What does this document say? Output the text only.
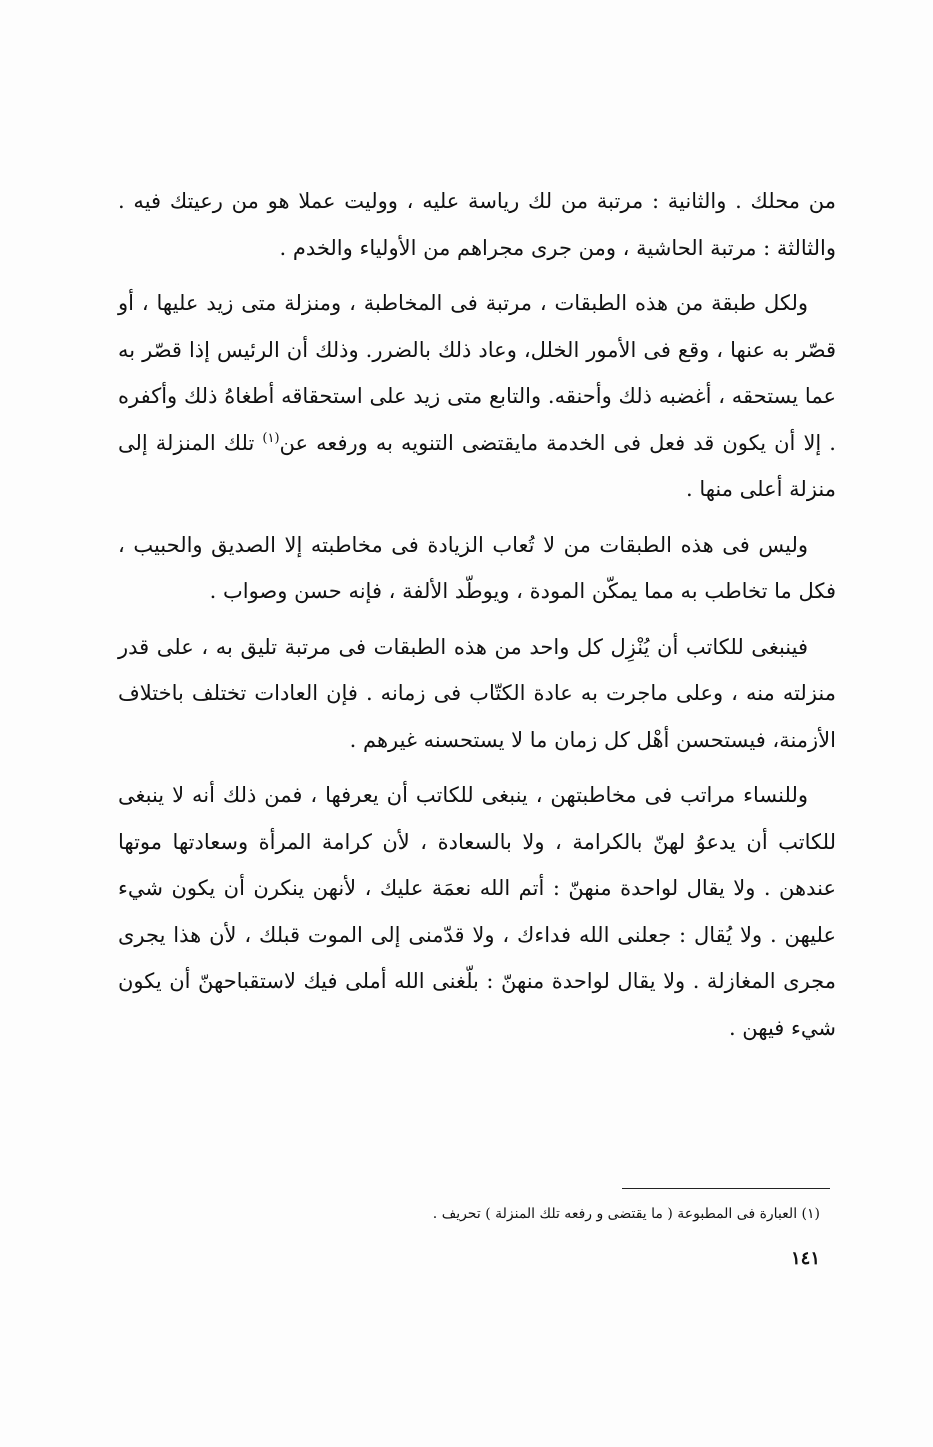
من محلك . والثانية : مرتبة من لك رياسة عليه ، ووليت عملا هو من رعيتك فيه . والثالثة : مرتبة الحاشية ، ومن جرى مجراهم من الأولياء والخدم .

ولكل طبقة من هذه الطبقات ، مرتبة فى المخاطبة ، ومنزلة متى زيد عليها ، أو قصّر به عنها ، وقع فى الأمور الخلل، وعاد ذلك بالضرر. وذلك أن الرئيس إذا قصّر به عما يستحقه ، أغضبه ذلك وأحنقه. والتابع متى زيد على استحقاقه أطغاهُ ذلك وأكفره . إلا أن يكون قد فعل فى الخدمة مايقتضى التنويه به ورفعه عن$^{(١)}$ تلك المنزلة إلى منزلة أعلى منها .

وليس فى هذه الطبقات من لا تُعاب الزيادة فى مخاطبته إلا الصديق والحبيب ، فكل ما تخاطب به مما يمكّن المودة ، ويوطّد الألفة ، فإنه حسن وصواب .

فينبغى للكاتب أن يُنْزِل كل واحد من هذه الطبقات فى مرتبة تليق به ، على قدر منزلته منه ، وعلى ماجرت به عادة الكتّاب فى زمانه . فإن العادات تختلف باختلاف الأزمنة، فيستحسن أهْل كل زمان ما لا يستحسنه غيرهم .

وللنساء مراتب فى مخاطبتهن ، ينبغى للكاتب أن يعرفها ، فمن ذلك أنه لا ينبغى للكاتب أن يدعوُ لهنّ بالكرامة ، ولا بالسعادة ، لأن كرامة المرأة وسعادتها موتها عندهن . ولا يقال لواحدة منهنّ : أتم الله نعمَة عليك ، لأنهن ينكرن أن يكون شيء عليهن . ولا يُقال : جعلنى الله فداءك ، ولا قدّمنى إلى الموت قبلك ، لأن هذا يجرى مجرى المغازلة . ولا يقال لواحدة منهنّ : بلّغنى الله أملى فيك لاستقباحهنّ أن يكون شيء فيهن .

(١) العبارة فى المطبوعة ( ما يقتضى و رفعه تلك المنزلة ) تحريف .
١٤١
